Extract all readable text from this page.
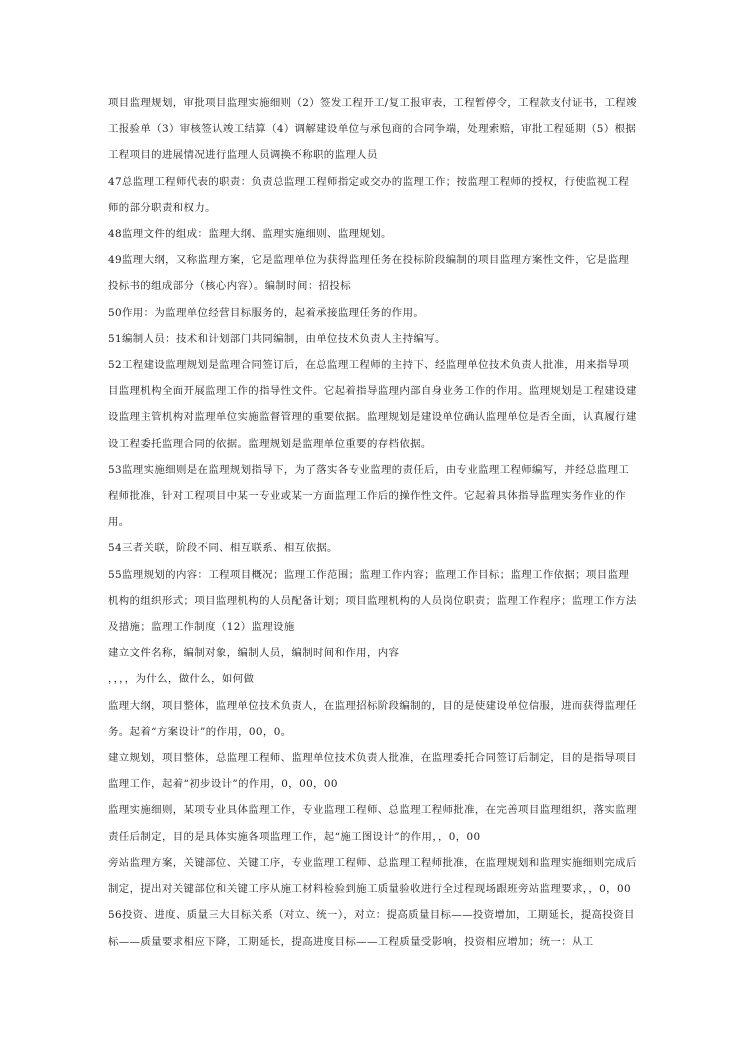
项目监理规划，审批项目监理实施细则（2）签发工程开工/复工报审表，工程暂停令，工程款支付证书，工程竣工报验单（3）审核签认竣工结算（4）调解建设单位与承包商的合同争端，处理索赔，审批工程延期（5）根据工程项目的进展情况进行监理人员调换不称职的监理人员

47总监理工程师代表的职责：负责总监理工程师指定或交办的监理工作；按监理工程师的授权，行使监视工程师的部分职责和权力。

48监理文件的组成：监理大纲、监理实施细则、监理规划。

49监理大纲，又称监理方案，它是监理单位为获得监理任务在投标阶段编制的项目监理方案性文件，它是监理投标书的组成部分（核心内容）。编制时间：招投标

50作用：为监理单位经营目标服务的，起着承接监理任务的作用。

51编制人员：技术和计划部门共同编制，由单位技术负责人主持编写。

52工程建设监理规划是监理合同签订后，在总监理工程师的主持下、经监理单位技术负责人批准，用来指导项目监理机构全面开展监理工作的指导性文件。它起着指导监理内部自身业务工作的作用。监理规划是工程建设建设监理主管机构对监理单位实施监督管理的重要依据。监理规划是建设单位确认监理单位是否全面，认真履行建设工程委托监理合同的依据。监理规划是监理单位重要的存档依据。

53监理实施细则是在监理规划指导下，为了落实各专业监理的责任后，由专业监理工程师编写，并经总监理工程师批准，针对工程项目中某一专业或某一方面监理工作后的操作性文件。它起着具体指导监理实务作业的作用。

54三者关联，阶段不同、相互联系、相互依据。

55监理规划的内容：工程项目概况；监理工作范围；监理工作内容；监理工作目标；监理工作依据；项目监理机构的组织形式；项目监理机构的人员配备计划；项目监理机构的人员岗位职责；监理工作程序；监理工作方法及措施；监理工作制度（12）监理设施

建立文件名称，编制对象，编制人员，编制时间和作用，内容

，，，，为什么，做什么，如何做

监理大纲，项目整体，监理单位技术负责人，在监理招标阶段编制的，目的是使建设单位信服，进而获得监理任务。起着“方案设计”的作用，00，0。

建立规划，项目整体，总监理工程师、监理单位技术负责人批准，在监理委托合同签订后制定，目的是指导项目监理工作，起着“初步设计”的作用，0，00，00

监理实施细则，某项专业具体监理工作，专业监理工程师、总监理工程师批准，在完善项目监理组织，落实监理责任后制定，目的是具体实施各项监理工作，起“施工图设计”的作用，，0，00

旁站监理方案，关键部位、关键工序，专业监理工程师、总监理工程师批准，在监理规划和监理实施细则完成后制定，提出对关键部位和关键工序从施工材料检验到施工质量验收进行全过程现场跟班旁站监理要求，，0，00

56投资、进度、质量三大目标关系（对立、统一），对立：提高质量目标——投资增加，工期延长，提高投资目标——质量要求相应下降，工期延长，提高进度目标——工程质量受影响，投资相应增加；统一：从工
